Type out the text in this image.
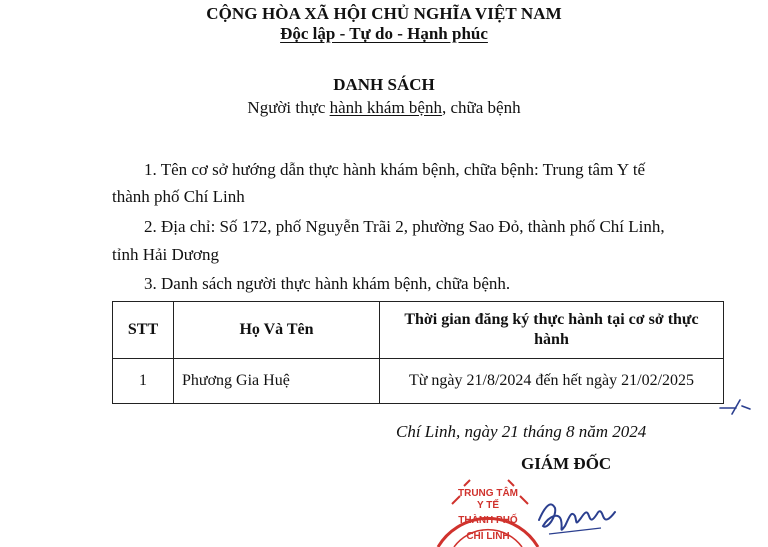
CỘNG HÒA XÃ HỘI CHỦ NGHĨA VIỆT NAM
Độc lập - Tự do - Hạnh phúc
DANH SÁCH
Người thực hành khám bệnh, chữa bệnh
1. Tên cơ sở hướng dẫn thực hành khám bệnh, chữa bệnh: Trung tâm Y tế
thành phố Chí Linh
2. Địa chỉ: Số 172, phố Nguyễn Trãi 2, phường Sao Đỏ, thành phố Chí Linh,
tỉnh Hải Dương
3. Danh sách người thực hành khám bệnh, chữa bệnh.
STT	Họ Và Tên	Thời gian đăng ký thực hành tại cơ sở thực hành
1	Phương Gia Huệ	Từ ngày 21/8/2024 đến hết ngày 21/02/2025
Chí Linh, ngày 21 tháng 8 năm 2024
TRUNG TÂM
Y TẾ
THÀNH PHỐ
CHÍ LINH
GIÁM ĐỐC
